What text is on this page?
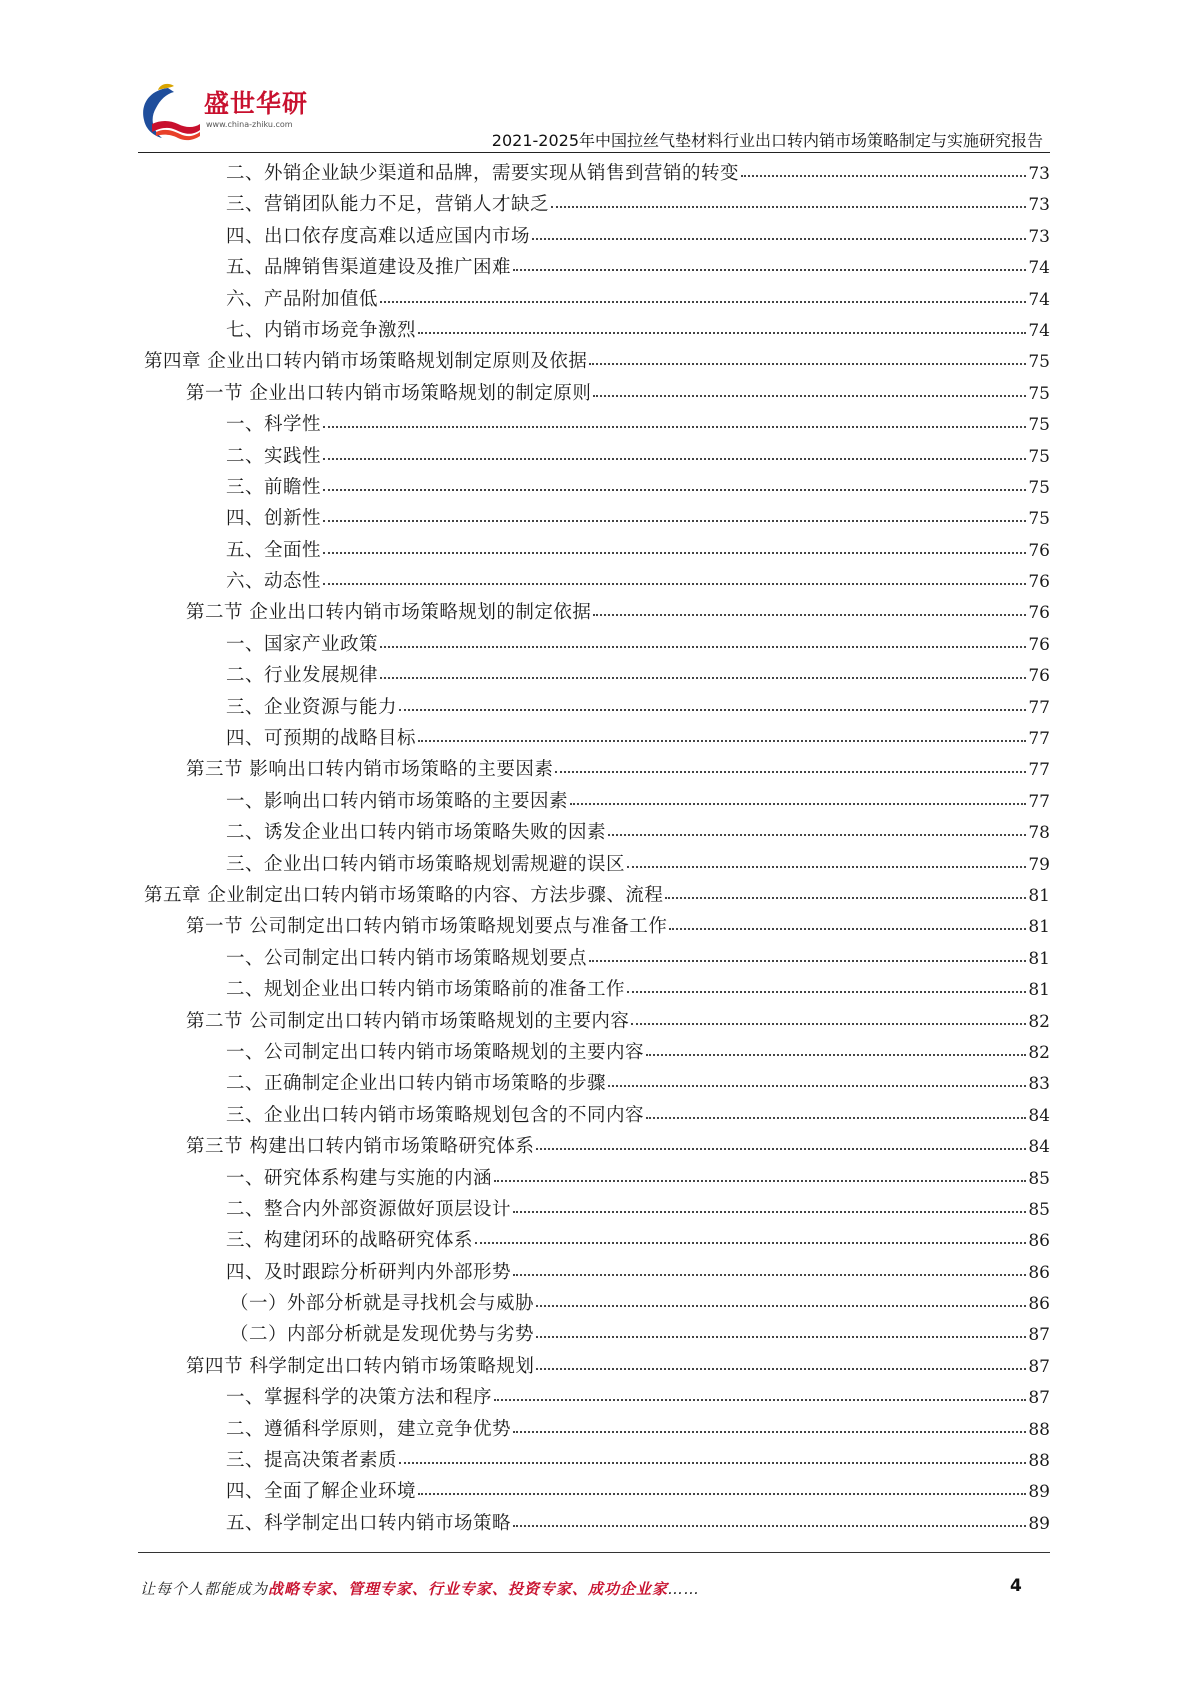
盛世华研
www.china-zhiku.com
2021-2025年中国拉丝气垫材料行业出口转内销市场策略制定与实施研究报告
二、外销企业缺少渠道和品牌，需要实现从销售到营销的转变	73
三、营销团队能力不足，营销人才缺乏	73
四、出口依存度高难以适应国内市场	73
五、品牌销售渠道建设及推广困难	74
六、产品附加值低	74
七、内销市场竞争激烈	74
第四章 企业出口转内销市场策略规划制定原则及依据	75
第一节 企业出口转内销市场策略规划的制定原则	75
一、科学性	75
二、实践性	75
三、前瞻性	75
四、创新性	75
五、全面性	76
六、动态性	76
第二节 企业出口转内销市场策略规划的制定依据	76
一、国家产业政策	76
二、行业发展规律	76
三、企业资源与能力	77
四、可预期的战略目标	77
第三节 影响出口转内销市场策略的主要因素	77
一、影响出口转内销市场策略的主要因素	77
二、诱发企业出口转内销市场策略失败的因素	78
三、企业出口转内销市场策略规划需规避的误区	79
第五章 企业制定出口转内销市场策略的内容、方法步骤、流程	81
第一节 公司制定出口转内销市场策略规划要点与准备工作	81
一、公司制定出口转内销市场策略规划要点	81
二、规划企业出口转内销市场策略前的准备工作	81
第二节 公司制定出口转内销市场策略规划的主要内容	82
一、公司制定出口转内销市场策略规划的主要内容	82
二、正确制定企业出口转内销市场策略的步骤	83
三、企业出口转内销市场策略规划包含的不同内容	84
第三节 构建出口转内销市场策略研究体系	84
一、研究体系构建与实施的内涵	85
二、整合内外部资源做好顶层设计	85
三、构建闭环的战略研究体系	86
四、及时跟踪分析研判内外部形势	86
（一）外部分析就是寻找机会与威胁	86
（二）内部分析就是发现优势与劣势	87
第四节 科学制定出口转内销市场策略规划	87
一、掌握科学的决策方法和程序	87
二、遵循科学原则，建立竞争优势	88
三、提高决策者素质	88
四、全面了解企业环境	89
五、科学制定出口转内销市场策略	89
让每个人都能成为战略专家、管理专家、行业专家、投资专家、成功企业家……	4
